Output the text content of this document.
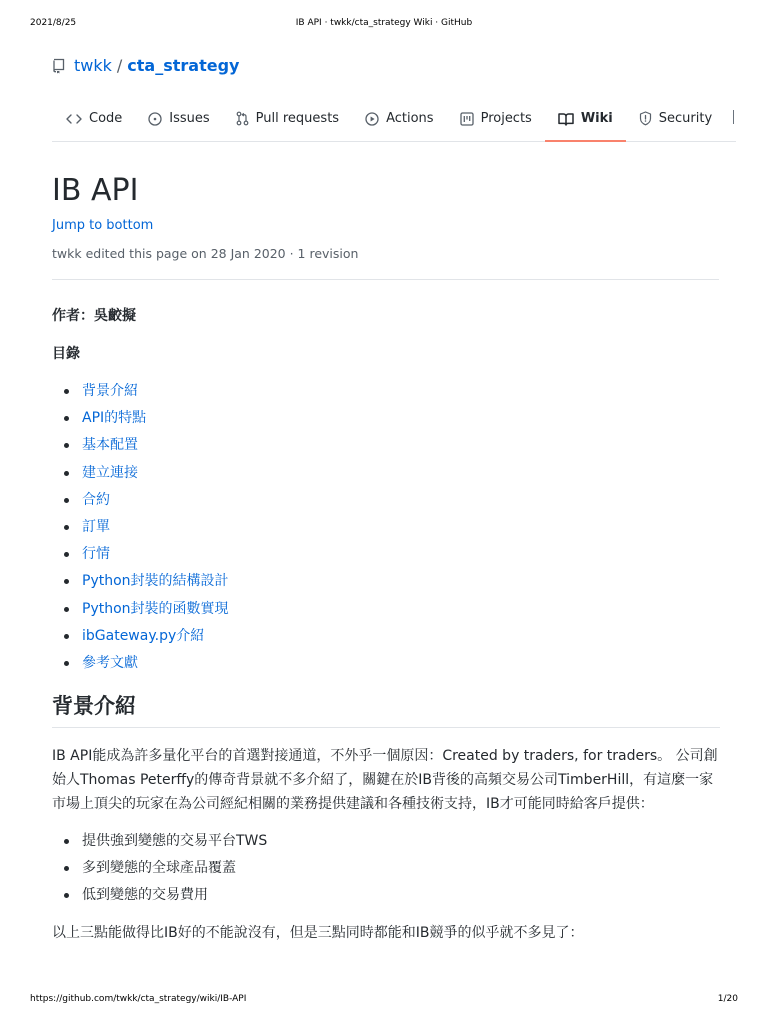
2021/8/25	IB API · twkk/cta_strategy Wiki · GitHub
twkk / cta_strategy
Code	Issues	Pull requests	Actions	Projects	Wiki	Security
IB API
Jump to bottom
twkk edited this page on 28 Jan 2020 · 1 revision

作者：吳齩擬

目錄

背景介紹
API的特點
基本配置
建立連接
合約
訂單
行情
Python封裝的結構設計
Python封裝的函數實現
ibGateway.py介紹
參考文獻
背景介紹

IB API能成為許多量化平台的首選對接通道，不外乎一個原因：Created by traders, for traders。 公司創始人Thomas Peterffy的傳奇背景就不多介紹了，關鍵在於IB背後的高頻交易公司TimberHill，有這麼一家市場上頂尖的玩家在為公司經紀相關的業務提供建議和各種技術支持，IB才可能同時給客戶提供：

提供強到變態的交易平台TWS
多到變態的全球產品覆蓋
低到變態的交易費用

以上三點能做得比IB好的不能說沒有，但是三點同時都能和IB競爭的似乎就不多見了：

https://github.com/twkk/cta_strategy/wiki/IB-API	1/20
